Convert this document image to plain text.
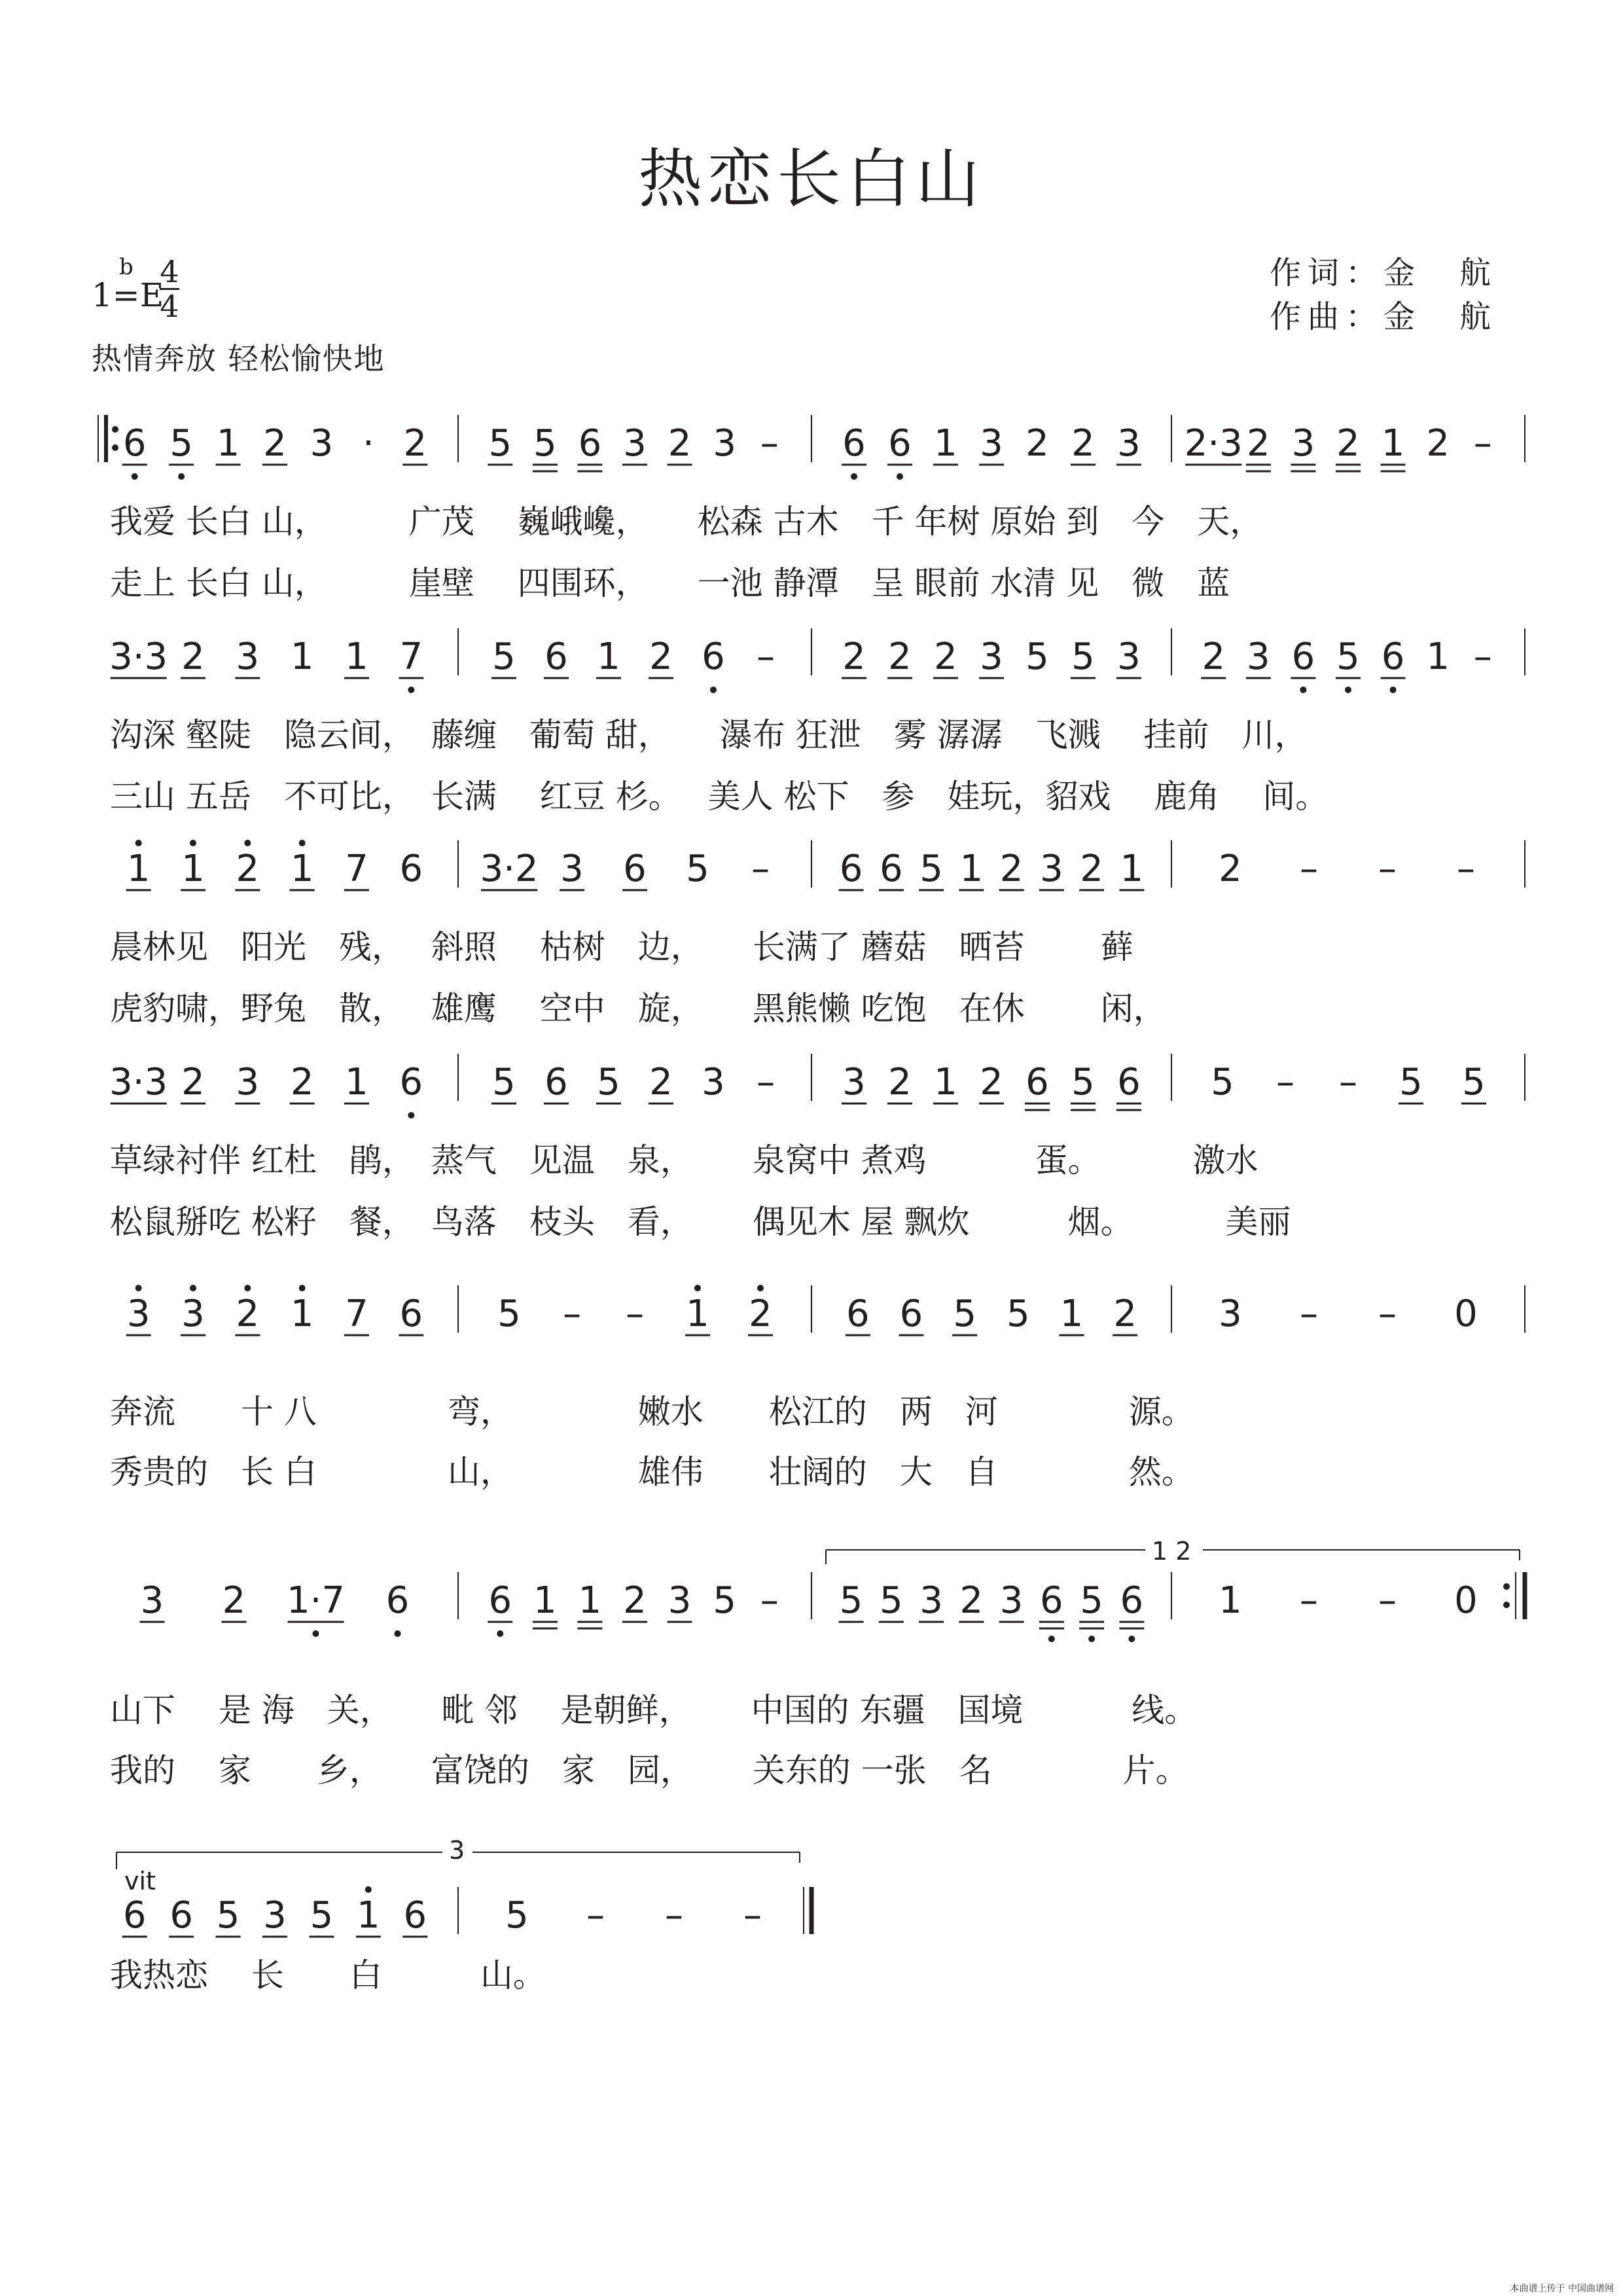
热恋长白山
作词：金　航
作曲：金　航
b
1=E
$\frac{4}{4}$
热情奔放 轻松愉快地
6 5 1 2 3 · 2 5 5 6 3 2 3 – 6 6 1 3 2 2 3 2·3 2 3 2 1 2 –
3·3 2 3 1 1 7 5 6 1 2 6 – 2 2 2 3 5 5 3 2 3 6 5 6 1 –
1 1 2 1 7 6 3·2 3 6 5 – 6 6 5 1 2 3 2 1 2 – – –
3·3 2 3 2 1 6 5 6 5 2 3 – 3 2 1 2 6 5 6 5 – – 5 5
3 3 2 1 7 6 5 – – 1 2 6 6 5 5 1 2 3 – – 0
3 2 1·7 6 6 1 1 2 3 5 – 5 5 3 2 3 6 5 6 1 – – 0
6 6 5 3 5 1 6 5 – – –
我爱 长白 山，　　　广茂　 巍峨巉，　　松森 古木　千 年树 原始 到　今　天，
走上 长白 山，　　　崖壁　 四围环，　　一池 静潭　呈 眼前 水清 见　微　蓝
沟深 壑陡　隐云间，　藤缠　葡萄 甜，　　瀑布 狂泄　雾 潺潺　飞溅　 挂前　川，
三山 五岳　不可比，　长满　 红豆 杉。　 美人 松下　参　娃玩，貂戏　 鹿角　 间。
晨林见　阳光　残，　 斜照　 枯树　边，　　长满了 蘑菇　晒苔　　 藓
虎豹啸，野兔　散，　 雄鹰　 空中　旋，　　黑熊懒 吃饱　在休　　 闲，
草绿衬伴 红杜　鹃，　蒸气　见温　泉，　　 泉窝中 煮鸡　　　 蛋。　　　 激水
松鼠掰吃 松籽　餐，　鸟落　枝头　看，　　 偶见木 屋 飘炊　　　烟。　　　 美丽
奔流　　十 八　　　　弯，　　　　 嫩水　　松江的　两　河　　　　源。
秀贵的　长 白　　　　山，　　　　 雄伟　　壮阔的　大　自　　　　然。
山下　 是 海　关，　　毗 邻　 是朝鲜，　　 中国的 东疆　国境　　　 线。
我的　 家　　乡，　　富饶的　家　园，　　 关东的 一张　名　　　　片。
我热恋　 长　　白　　　山。
1 2
3
vit
本曲谱上传于 中国曲谱网
